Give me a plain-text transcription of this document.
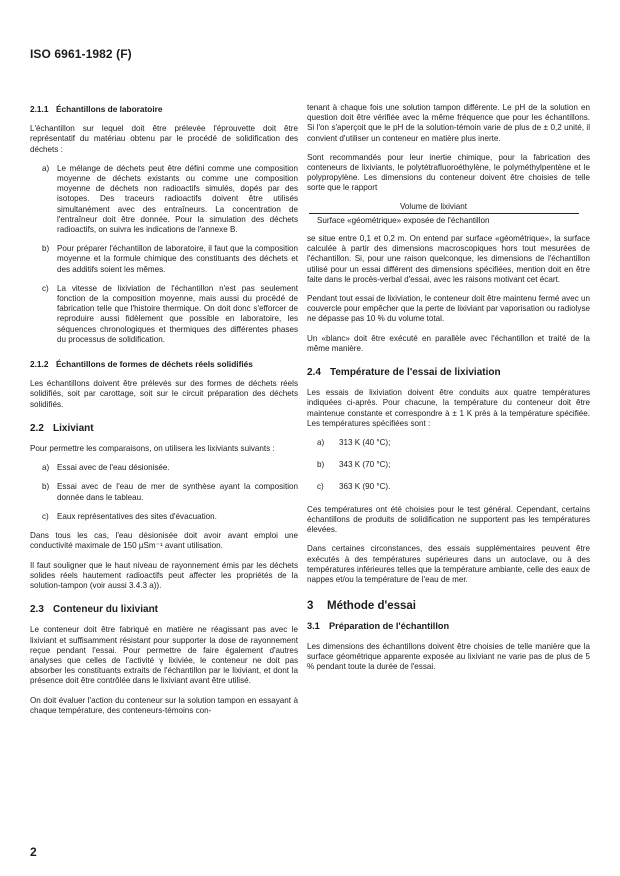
ISO 6961-1982 (F)
2.1.1 Échantillons de laboratoire

L'échantillon sur lequel doit être prélevée l'éprouvette doit être représentatif du matériau obtenu par le procédé de solidification des déchets :

a) Le mélange de déchets peut être défini comme une composition moyenne de déchets existants ou comme une composition moyenne de déchets non radioactifs simulés, dopés par des isotopes. Des traceurs radioactifs doivent être utilisés simultanément avec des entraîneurs. La concentration de l'entraîneur doit être donnée. Pour la simulation des déchets radioactifs, on suivra les indications de l'annexe B.
b) Pour préparer l'échantillon de laboratoire, il faut que la composition moyenne et la formule chimique des constituants des déchets et des additifs soient les mêmes.
c)	La vitesse de lixiviation de l'échantillon n'est pas seulement fonction de la composition moyenne, mais aussi du procédé de fabrication telle que l'histoire thermique. On doit donc s'efforcer de reproduire aussi fidèlement que possible en laboratoire, les séquences chronologiques et thermiques des différentes phases du processus de solidification.
2.1.2 Échantillons de formes de déchets réels solidifiés

Les échantillons doivent être prélevés sur des formes de déchets réels solidifiés, soit par carottage, soit sur le circuit préparation des déchets solidifiés.

2.2 Lixiviant

Pour permettre les comparaisons, on utilisera les lixiviants suivants :

a) Essai avec de l'eau désionisée.
b) Essai avec de l'eau de mer de synthèse ayant la composition donnée dans le tableau.
c)	Eaux représentatives des sites d'évacuation.

Dans tous les cas, l'eau désionisée doit avoir avant emploi une conductivité maximale de 150 µSm⁻¹ avant utilisation.

Il faut souligner que le haut niveau de rayonnement émis par les déchets solides réels hautement radioactifs peut affecter les propriétés de la solution-tampon (voir aussi 3.4.3 a)).

2.3 Conteneur du lixiviant

Le conteneur doit être fabriqué en matière ne réagissant pas avec le lixiviant et suffisamment résistant pour supporter la dose de rayonnement reçue pendant l'essai. Pour permettre de faire également d'autres analyses que celles de l'activité γ lixiviée, le conteneur ne doit pas absorber les constituants extraits de l'échantillon par le lixiviant, et dont la présence doit être contrôlée dans le lixiviant avant être utilisé.

On doit évaluer l'action du conteneur sur la solution tampon en essayant à chaque température, des conteneurs-témoins con-

tenant à chaque fois une solution tampon différente. Le pH de la solution en question doit être vérifiée avec la même fréquence que pour les échantillons. Si l'on s'aperçoit que le pH de la solution-témoin varie de plus de ± 0,2 unité, il convient d'utiliser un conteneur en matière plus inerte.

Sont recommandés pour leur inertie chimique, pour la fabrication des conteneurs de lixiviants, le polytétrafluoroéthylène, le polyméthylpentène et le polypropylène. Les dimensions du conteneur doivent être choisies de telle sorte que le rapport

Volume de lixiviant
Surface «géométrique» exposée de l'échantillon

se situe entre 0,1 et 0,2 m. On entend par surface «géométrique», la surface calculée à partir des dimensions macroscopiques hors tout mesurées de l'échantillon. Si, pour une raison quelconque, les dimensions de l'échantillon utilisé pour un essai différent des dimensions spécifiées, mention doit en être faite dans le procès-verbal d'essai, avec les raisons motivant cet écart.

Pendant tout essai de lixiviation, le conteneur doit être maintenu fermé avec un couvercle pour empêcher que la perte de lixiviant par vaporisation ou radiolyse ne dépasse pas 10 % du volume total.

Un «blanc» doit être exécuté en parallèle avec l'échantillon et traité de la même manière.

2.4 Température de l'essai de lixiviation

Les essais de lixiviation doivent être conduits aux quatre températures indiquées ci-après. Pour chacune, la température du conteneur doit être maintenue constante et correspondre à ± 1 K près à la température spécifiée. Les températures spécifiées sont :

a)	313 K (40 °C);
b)	343 K (70 °C);
c)	363 K (90 °C).

Ces températures ont été choisies pour le test général. Cependant, certains échantillons de produits de solidification ne supportent pas les températures élevées.

Dans certaines circonstances, des essais supplémentaires peuvent être exécutés à des températures supérieures dans un autoclave, ou à des températures inférieures telles que la température ambiante, celle des eaux de nappes et/ou la température de l'eau de mer.

3	Méthode d'essai
3.1	Préparation de l'échantillon

Les dimensions des échantillons doivent être choisies de telle manière que la surface géométrique apparente exposée au lixiviant ne varie pas de plus de 5 % pendant toute la durée de l'essai.

2
